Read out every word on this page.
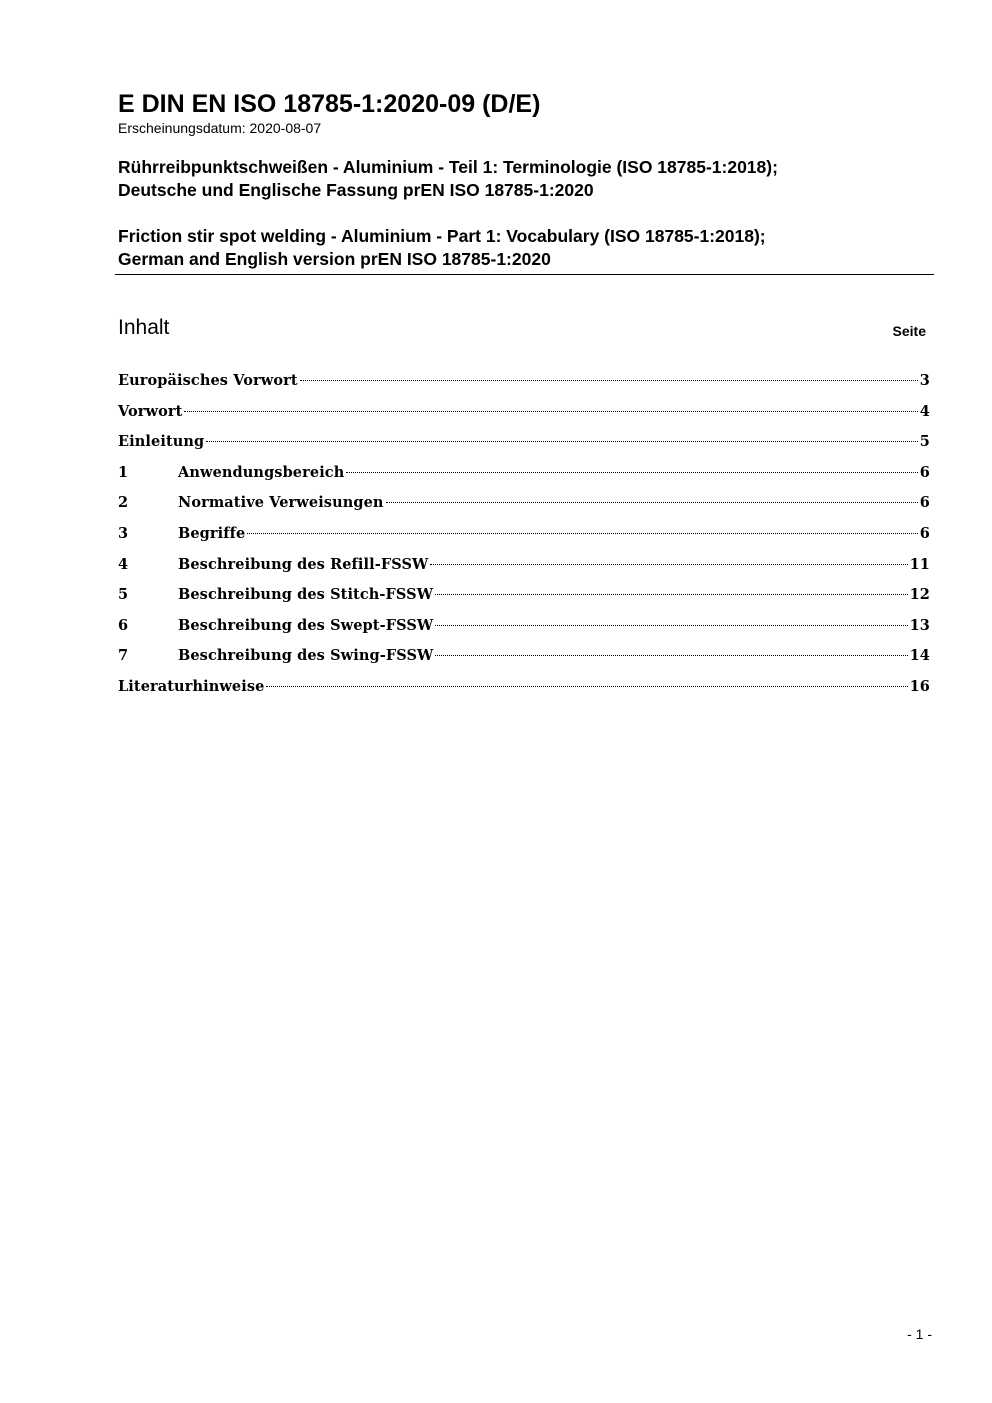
E DIN EN ISO 18785-1:2020-09 (D/E)
Erscheinungsdatum: 2020-08-07
Rührreibpunktschweißen - Aluminium - Teil 1: Terminologie (ISO 18785-1:2018);
Deutsche und Englische Fassung prEN ISO 18785-1:2020
Friction stir spot welding - Aluminium - Part 1: Vocabulary (ISO 18785-1:2018);
German and English version prEN ISO 18785-1:2020
Inhalt	Seite
Europäisches Vorwort	3
Vorwort	4
Einleitung	5
1	Anwendungsbereich	6
2	Normative Verweisungen	6
3	Begriffe	6
4	Beschreibung des Refill-FSSW	11
5	Beschreibung des Stitch-FSSW	12
6	Beschreibung des Swept-FSSW	13
7	Beschreibung des Swing-FSSW	14
Literaturhinweise	16
- 1 -
